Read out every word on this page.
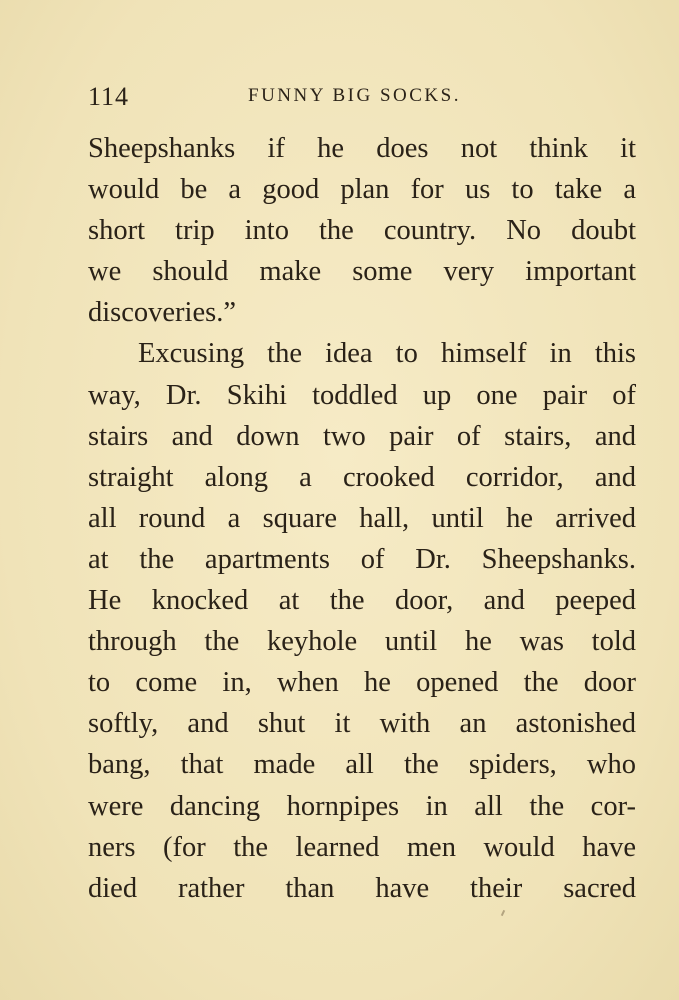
114	FUNNY BIG SOCKS.
Sheepshanks if he does not think it
would be a good plan for us to take a
short trip into the country. No doubt
we should make some very important
discoveries.”
Excusing the idea to himself in this
way, Dr. Skihi toddled up one pair of
stairs and down two pair of stairs, and
straight along a crooked corridor, and
all round a square hall, until he arrived
at the apartments of Dr. Sheepshanks.
He knocked at the door, and peeped
through the keyhole until he was told
to come in, when he opened the door
softly, and shut it with an astonished
bang, that made all the spiders, who
were dancing hornpipes in all the cor-
ners (for the learned men would have
died rather than have their sacred
